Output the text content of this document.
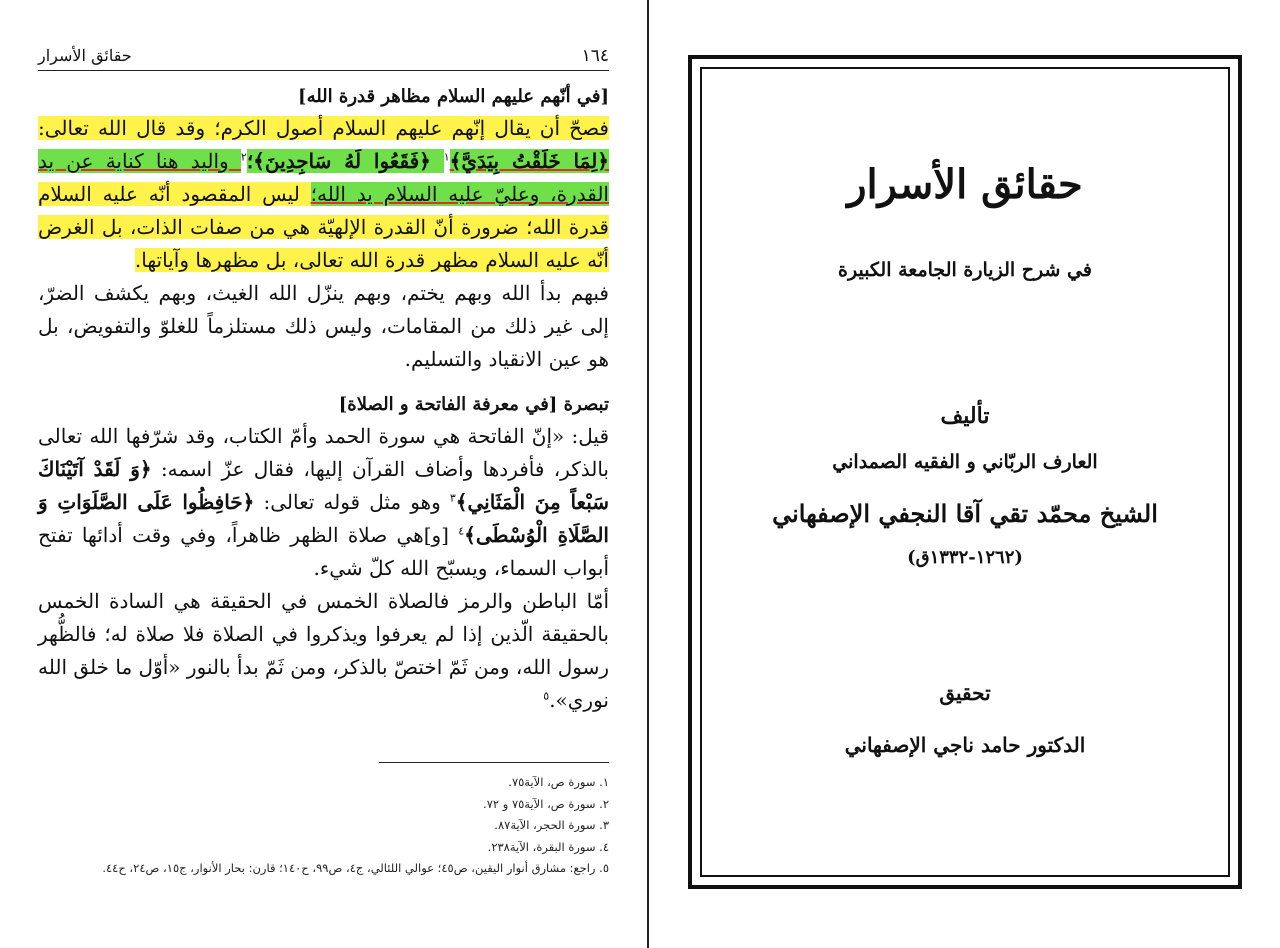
١٦٤
حقائق الأسرار
[في أنّهم عليهم السلام مظاهر قدرة الله]

فصحّ أن يقال إنّهم عليهم السلام أصول الكرم؛ وقد قال الله تعالى: ﴿لِمَا خَلَقْتُ بِيَدَيَّ﴾$^١$ ﴿فَقَعُوا لَهُ سَاجِدِينَ﴾؛$^٢$ واليد هنا كناية عن يد القدرة، وعليّ عليه السلام يد الله؛ ليس المقصود أنّه عليه السلام قدرة الله؛ ضرورة أنّ القدرة الإلهيّة هي من صفات الذات، بل الغرض أنّه عليه السلام مظهر قدرة الله تعالى، بل مظهرها وآياتها.

فبهم بدأ الله وبهم يختم، وبهم ينزّل الله الغيث، وبهم يكشف الضرّ، إلى غير ذلك من المقامات، وليس ذلك مستلزماً للغلوّ والتفويض، بل هو عين الانقياد والتسليم.

تبصرة [في معرفة الفاتحة و الصلاة]

قيل: «إنّ الفاتحة هي سورة الحمد وأمّ الكتاب، وقد شرّفها الله تعالى بالذكر، فأفردها وأضاف القرآن إليها، فقال عزّ اسمه: ﴿وَ لَقَدْ آتَيْنَاكَ سَبْعاً مِنَ الْمَثَانِي﴾$^٣$ وهو مثل قوله تعالى: ﴿حَافِظُوا عَلَى الصَّلَوَاتِ وَ الصَّلَاةِ الْوُسْطَى﴾$^٤$ [و]هي صلاة الظهر ظاهراً، وفي وقت أدائها تفتح أبواب السماء، ويسبّح الله كلّ شيء.

أمّا الباطن والرمز فالصلاة الخمس في الحقيقة هي السادة الخمس بالحقيقة الّذين إذا لم يعرفوا ويذكروا في الصلاة فلا صلاة له؛ فالظُّهر رسول الله، ومن ثَمّ اختصّ بالذكر، ومن ثَمّ بدأ بالنور «أوّل ما خلق الله نوري».$^٥$

١. سورة ص، الآية٧٥.
٢. سورة ص، الآية٧٥ و ٧٢.
٣. سورة الحجر، الآية٨٧.
٤. سورة البقرة، الآية٢٣٨.
٥. راجع: مشارق أنوار اليقين، ص٤٥؛ عوالي اللئالي، ج٤، ص٩٩، ح١٤٠؛ قارن: بحار الأنوار، ج١٥، ص٢٤، ح٤٤.
حقائق الأسرار
في شرح الزيارة الجامعة الكبيرة
تأليف
العارف الربّاني و الفقيه الصمداني
الشيخ محمّد تقي آقا النجفي الإصفهاني
(١٢٦٢-١٣٣٢ق)
تحقيق
الدكتور حامد ناجي الإصفهاني
